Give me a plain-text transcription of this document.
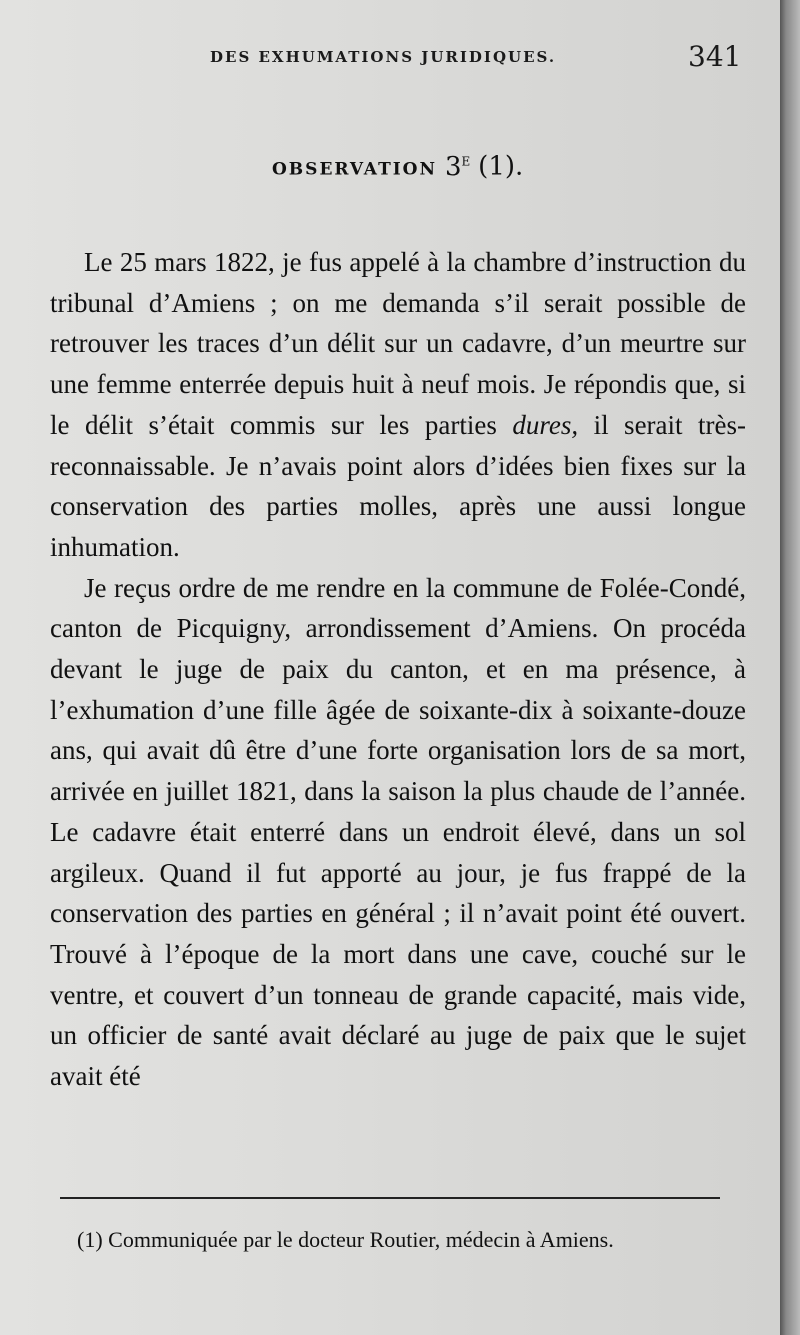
DES EXHUMATIONS JURIDIQUES.	341
OBSERVATION 3e (1).

Le 25 mars 1822, je fus appelé à la chambre d’instruction du tribunal d’Amiens ; on me demanda s’il serait possible de retrouver les traces d’un délit sur un cadavre, d’un meurtre sur une femme enterrée depuis huit à neuf mois. Je répondis que, si le délit s’était commis sur les parties dures, il serait très-reconnaissable. Je n’avais point alors d’idées bien fixes sur la conservation des parties molles, après une aussi longue inhumation.

Je reçus ordre de me rendre en la commune de Folée-Condé, canton de Picquigny, arrondissement d’Amiens. On procéda devant le juge de paix du canton, et en ma présence, à l’exhumation d’une fille âgée de soixante-dix à soixante-douze ans, qui avait dû être d’une forte organisation lors de sa mort, arrivée en juillet 1821, dans la saison la plus chaude de l’année. Le cadavre était enterré dans un endroit élevé, dans un sol argileux. Quand il fut apporté au jour, je fus frappé de la conservation des parties en général ; il n’avait point été ouvert. Trouvé à l’époque de la mort dans une cave, couché sur le ventre, et couvert d’un tonneau de grande capacité, mais vide, un officier de santé avait déclaré au juge de paix que le sujet avait été

(1) Communiquée par le docteur Routier, médecin à Amiens.
